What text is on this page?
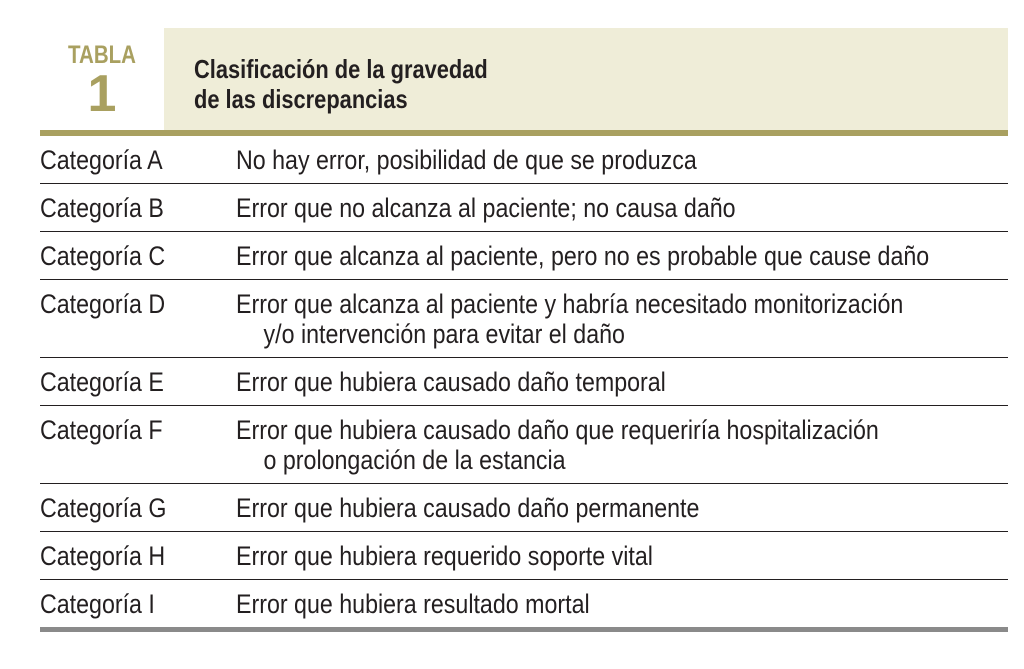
TABLA
1	Clasificación de la gravedad
de las discrepancias
Categoría A	No hay error, posibilidad de que se produzca
Categoría B	Error que no alcanza al paciente; no causa daño
Categoría C	Error que alcanza al paciente, pero no es probable que cause daño
Categoría D	Error que alcanza al paciente y habría necesitado monitorización
y/o intervención para evitar el daño
Categoría E	Error que hubiera causado daño temporal
Categoría F	Error que hubiera causado daño que requeriría hospitalización
o prolongación de la estancia
Categoría G	Error que hubiera causado daño permanente
Categoría H	Error que hubiera requerido soporte vital
Categoría I	Error que hubiera resultado mortal
